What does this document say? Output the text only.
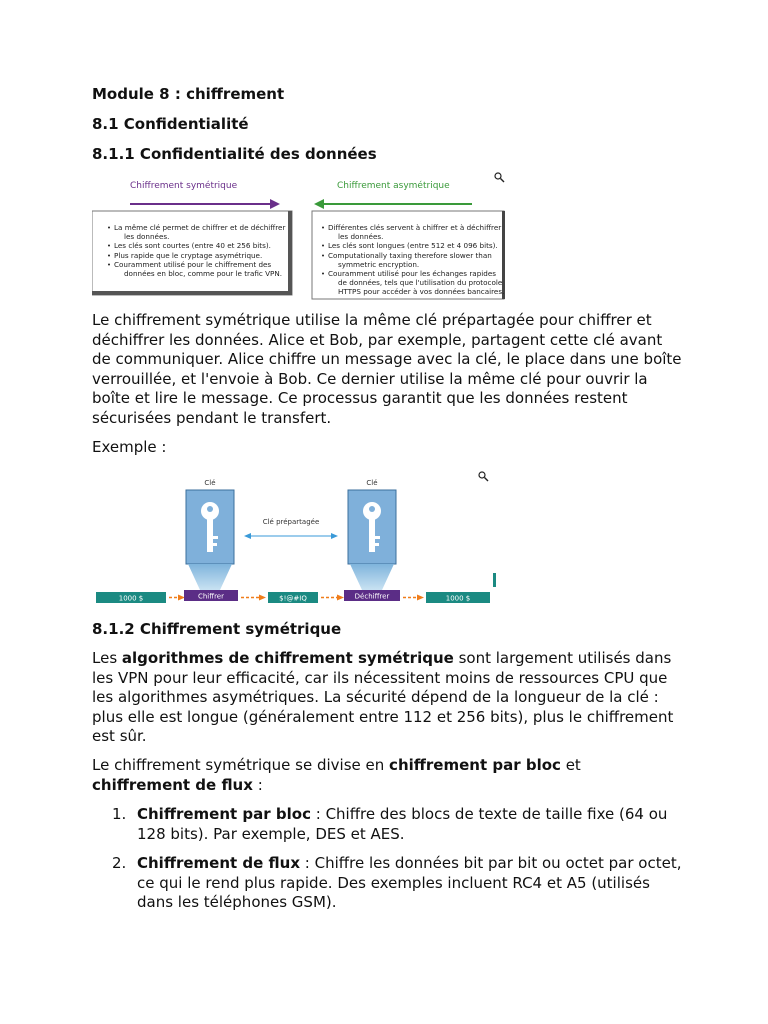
Module 8 : chiffrement
8.1 Confidentialité
8.1.1 Confidentialité des données
Chiffrement symétrique	Chiffrement asymétrique
La même clé permet de chiffrer et de déchiffrer
les données.
Les clés sont courtes (entre 40 et 256 bits).
Plus rapide que le cryptage asymétrique.
Couramment utilisé pour le chiffrement des
données en bloc, comme pour le trafic VPN.
Différentes clés servent à chiffrer et à déchiffrer
les données.
Les clés sont longues (entre 512 et 4 096 bits).
Computationally taxing therefore slower than
symmetric encryption.
Couramment utilisé pour les échanges rapides
de données, tels que l'utilisation du protocole
HTTPS pour accéder à vos données bancaires.

Le chiffrement symétrique utilise la même clé prépartagée pour chiffrer et déchiffrer les données. Alice et Bob, par exemple, partagent cette clé avant de communiquer. Alice chiffre un message avec la clé, le place dans une boîte verrouillée, et l'envoie à Bob. Ce dernier utilise la même clé pour ouvrir la boîte et lire le message. Ce processus garantit que les données restent sécurisées pendant le transfert.

Exemple :

Clé	Clé
Clé prépartagée
1000 $	Chiffrer	$!@#IQ	Déchiffrer	1000 $
8.1.2 Chiffrement symétrique

Les algorithmes de chiffrement symétrique sont largement utilisés dans les VPN pour leur efficacité, car ils nécessitent moins de ressources CPU que les algorithmes asymétriques. La sécurité dépend de la longueur de la clé : plus elle est longue (généralement entre 112 et 256 bits), plus le chiffrement est sûr.

Le chiffrement symétrique se divise en chiffrement par bloc et chiffrement de flux :

1. Chiffrement par bloc : Chiffre des blocs de texte de taille fixe (64 ou 128 bits). Par exemple, DES et AES.
2. Chiffrement de flux : Chiffre les données bit par bit ou octet par octet, ce qui le rend plus rapide. Des exemples incluent RC4 et A5 (utilisés dans les téléphones GSM).
